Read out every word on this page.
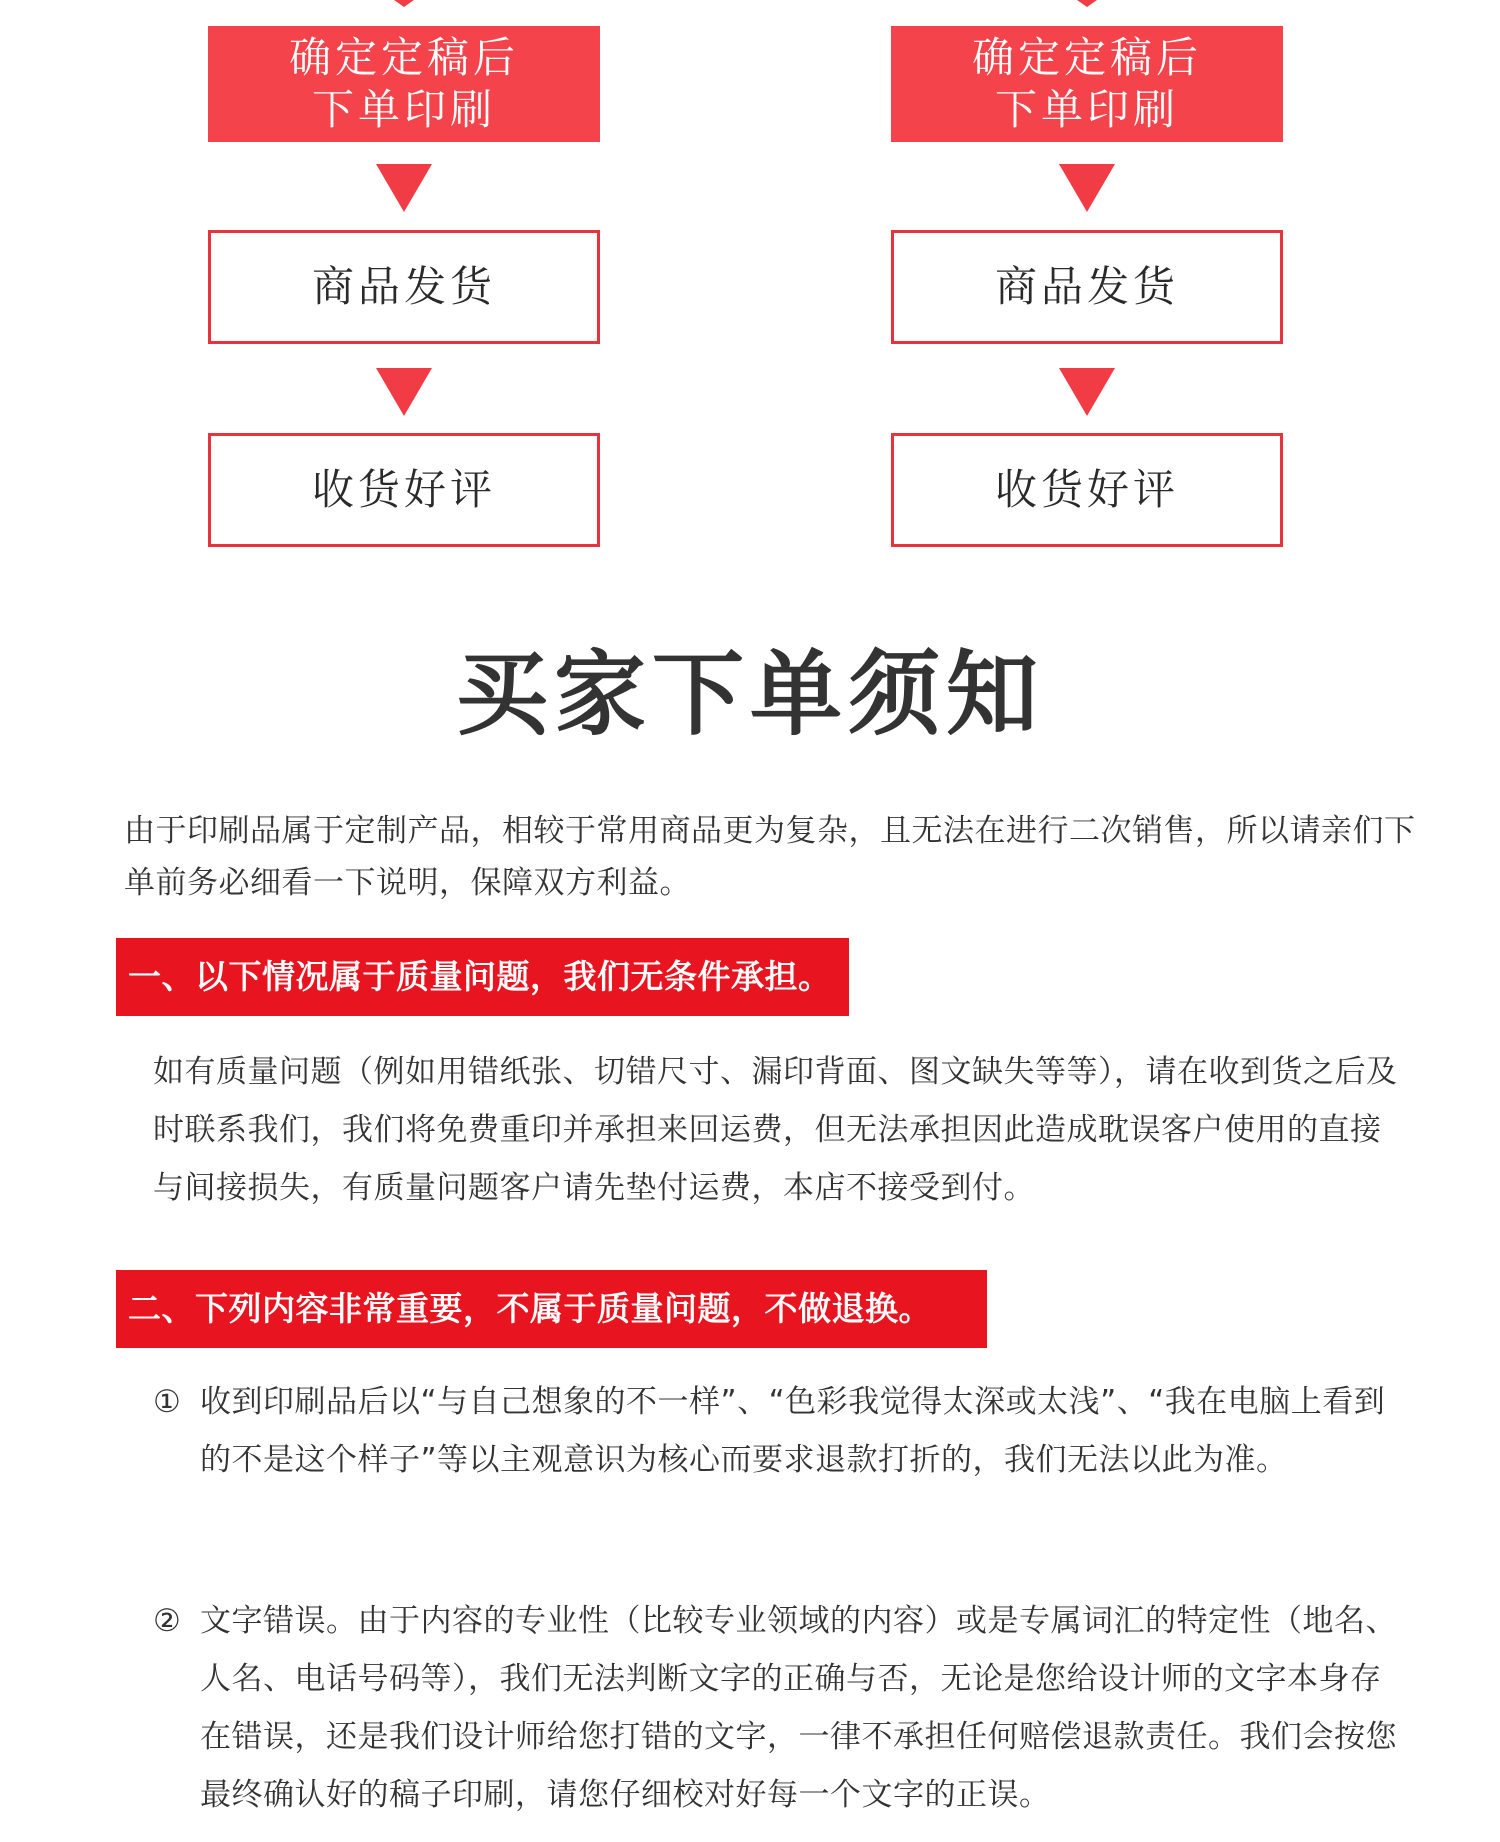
确定定稿后
下单印刷
商品发货
收货好评
确定定稿后
下单印刷
商品发货
收货好评
买家下单须知
由于印刷品属于定制产品，相较于常用商品更为复杂，且无法在进行二次销售，所以请亲们下单前务必细看一下说明，保障双方利益。
一、以下情况属于质量问题，我们无条件承担。
如有质量问题（例如用错纸张、切错尺寸、漏印背面、图文缺失等等），请在收到货之后及时联系我们，我们将免费重印并承担来回运费，但无法承担因此造成耽误客户使用的直接与间接损失，有质量问题客户请先垫付运费，本店不接受到付。
二、下列内容非常重要，不属于质量问题，不做退换。
① 收到印刷品后以“与自己想象的不一样”、“色彩我觉得太深或太浅”、“我在电脑上看到的不是这个样子”等以主观意识为核心而要求退款打折的，我们无法以此为准。
② 文字错误。由于内容的专业性（比较专业领域的内容）或是专属词汇的特定性（地名、人名、电话号码等），我们无法判断文字的正确与否，无论是您给设计师的文字本身存在错误，还是我们设计师给您打错的文字，一律不承担任何赔偿退款责任。我们会按您最终确认好的稿子印刷，请您仔细校对好每一个文字的正误。
